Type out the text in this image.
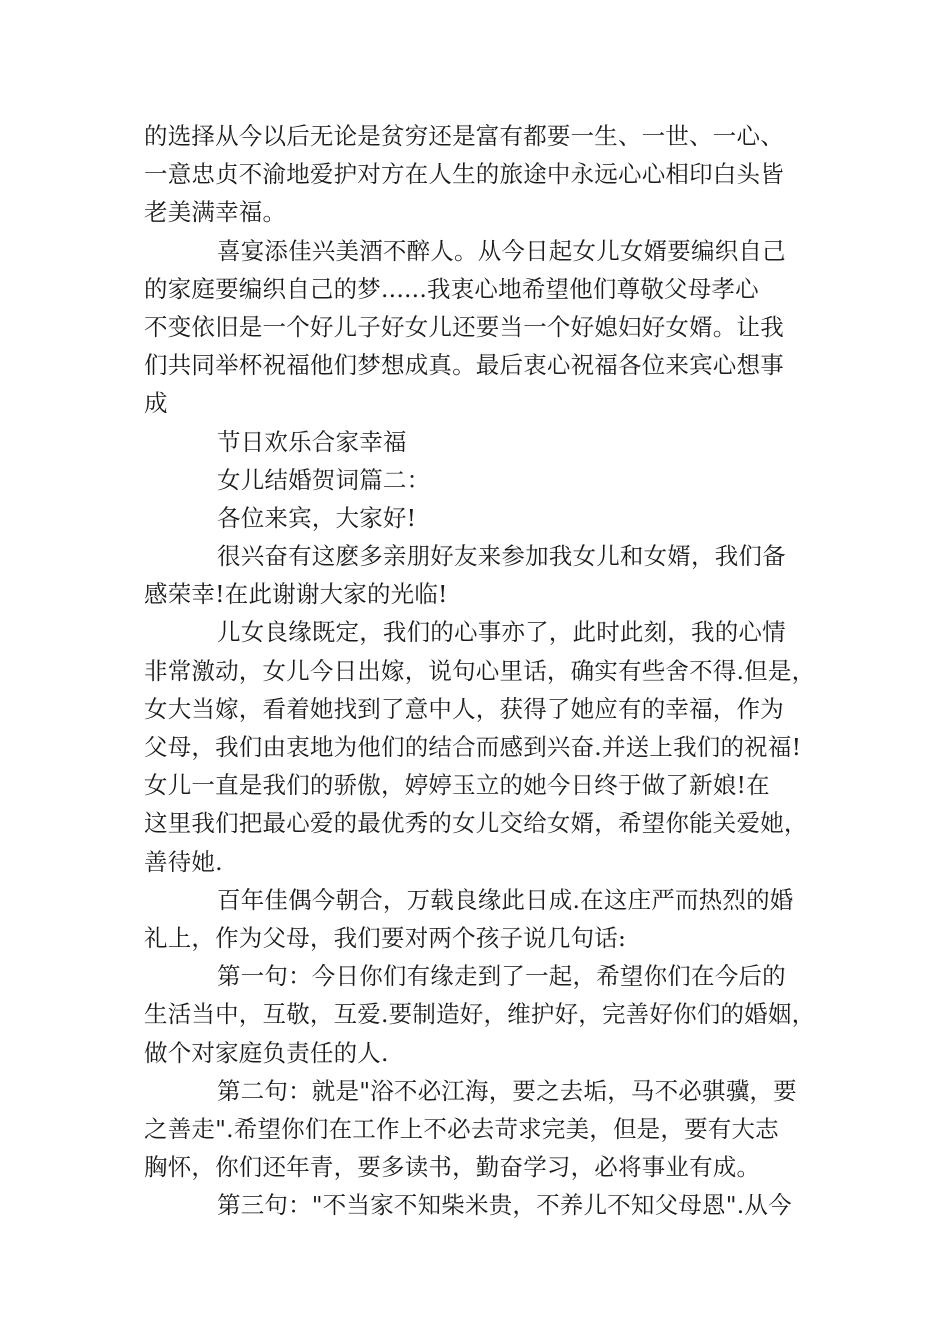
的选择从今以后无论是贫穷还是富有都要一生、一世、一心、
一意忠贞不渝地爱护对方在人生的旅途中永远心心相印白头皆
老美满幸福。
喜宴添佳兴美酒不醉人。从今日起女儿女婿要编织自己
的家庭要编织自己的梦......我衷心地希望他们尊敬父母孝心
不变依旧是一个好儿子好女儿还要当一个好媳妇好女婿。让我
们共同举杯祝福他们梦想成真。最后衷心祝福各位来宾心想事
成
节日欢乐合家幸福
女儿结婚贺词篇二：
各位来宾，大家好!
很兴奋有这麽多亲朋好友来参加我女儿和女婿，我们备
感荣幸!在此谢谢大家的光临!
儿女良缘既定，我们的心事亦了，此时此刻，我的心情
非常激动，女儿今日出嫁，说句心里话，确实有些舍不得.但是，
女大当嫁，看着她找到了意中人，获得了她应有的幸福，作为
父母，我们由衷地为他们的结合而感到兴奋.并送上我们的祝福!
女儿一直是我们的骄傲，婷婷玉立的她今日终于做了新娘!在
这里我们把最心爱的最优秀的女儿交给女婿，希望你能关爱她，
善待她.
百年佳偶今朝合，万载良缘此日成.在这庄严而热烈的婚
礼上，作为父母，我们要对两个孩子说几句话:
第一句：今日你们有缘走到了一起，希望你们在今后的
生活当中，互敬，互爱.要制造好，维护好，完善好你们的婚姻，
做个对家庭负责任的人.
第二句：就是"浴不必江海，要之去垢，马不必骐骥，要
之善走".希望你们在工作上不必去苛求完美，但是，要有大志
胸怀，你们还年青，要多读书，勤奋学习，必将事业有成。
第三句："不当家不知柴米贵，不养儿不知父母恩".从今
